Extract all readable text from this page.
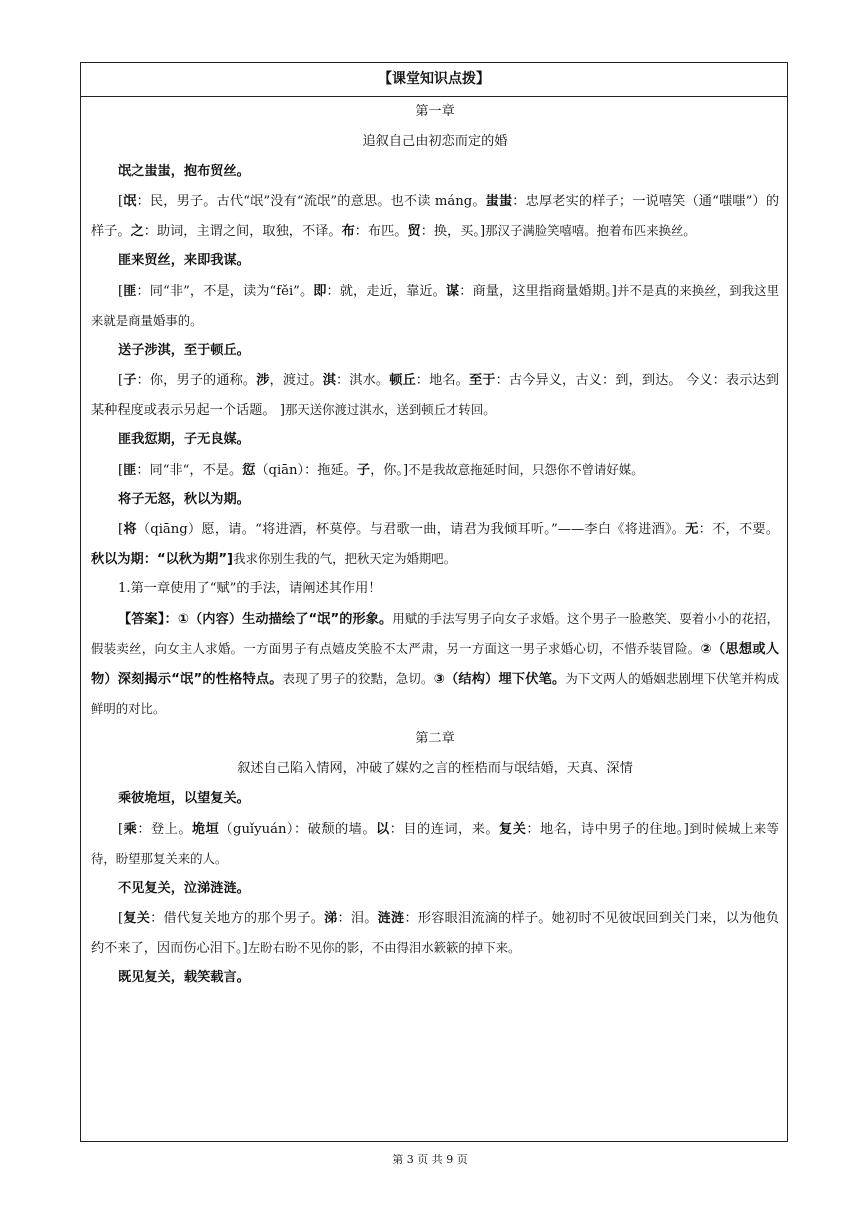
【课堂知识点拨】
第一章
追叙自己由初恋而定的婚
氓之蚩蚩，抱布贸丝。

[氓：民，男子。古代“氓”没有“流氓”的意思。也不读 máng。蚩蚩：忠厚老实的样子；一说嘻笑（通“嗤嗤”）的样子。之：助词，主谓之间，取独，不译。布：布匹。贸：换，买。]那汉子满脸笑嘻嘻。抱着布匹来换丝。

匪来贸丝，来即我谋。

[匪：同“非”，不是，读为“fěi”。即：就，走近，靠近。谋：商量，这里指商量婚期。]并不是真的来换丝，到我这里来就是商量婚事的。

送子涉淇，至于顿丘。

[子：你，男子的通称。涉，渡过。淇：淇水。顿丘：地名。至于：古今异义，古义：到，到达。 今义：表示达到某种程度或表示另起一个话题。 ]那天送你渡过淇水，送到顿丘才转回。

匪我愆期，子无良媒。

[匪：同“非“，不是。愆（qiān）：拖延。子，你。]不是我故意拖延时间，只怨你不曾请好媒。

将子无怒，秋以为期。

[将（qiāng）愿，请。“将进酒，杯莫停。与君歌一曲，请君为我倾耳听。”——李白《将进酒》。无：不，不要。秋以为期：“以秋为期”]我求你别生我的气，把秋天定为婚期吧。

1.第一章使用了“赋”的手法，请阐述其作用！

【答案】：①（内容）生动描绘了“氓”的形象。用赋的手法写男子向女子求婚。这个男子一脸憨笑、耍着小小的花招，假装卖丝，向女主人求婚。一方面男子有点嬉皮笑脸不太严肃，另一方面这一男子求婚心切，不惜乔装冒险。②（思想或人物）深刻揭示“氓”的性格特点。表现了男子的狡黠，急切。③（结构）埋下伏笔。为下文两人的婚姻悲剧埋下伏笔并构成鲜明的对比。

第二章
叙述自己陷入情网，冲破了媒妁之言的桎梏而与氓结婚，天真、深情
乘彼垝垣，以望复关。

[乘：登上。垝垣（guǐyuán）：破颓的墙。以：目的连词，来。复关：地名，诗中男子的住地。]到时候城上来等待，盼望那复关来的人。

不见复关，泣涕涟涟。

[复关：借代复关地方的那个男子。涕：泪。涟涟：形容眼泪流滴的样子。她初时不见彼氓回到关门来，以为他负约不来了，因而伤心泪下。]左盼右盼不见你的影，不由得泪水簌簌的掉下来。

既见复关，载笑载言。
第 3 页 共 9 页
